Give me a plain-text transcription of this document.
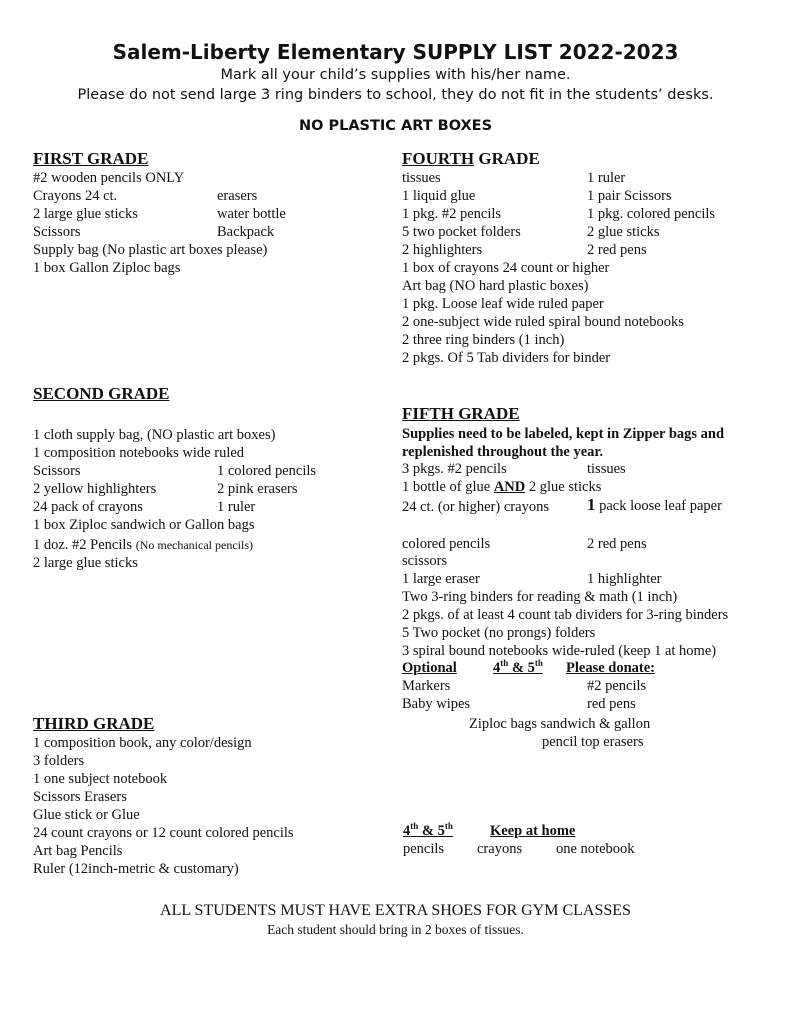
Salem-Liberty Elementary SUPPLY LIST 2022-2023
Mark all your child’s supplies with his/her name.
Please do not send large 3 ring binders to school, they do not fit in the students’ desks.
NO PLASTIC ART BOXES
FIRST GRADE
#2 wooden pencils ONLY
Crayons 24 ct.	erasers
2 large glue sticks	water bottle
Scissors	Backpack
Supply bag (No plastic art boxes please)
1 box Gallon Ziploc bags
SECOND GRADE
1 cloth supply bag, (NO plastic art boxes)
1 composition notebooks wide ruled
Scissors	1 colored pencils
2 yellow highlighters	2 pink erasers
24 pack of crayons	1 ruler
1 box Ziploc sandwich or Gallon bags
1 doz. #2 Pencils (No mechanical pencils)
2 large glue sticks
THIRD GRADE
1 composition book, any color/design
3 folders
1 one subject notebook
Scissors Erasers
Glue stick or Glue
24 count crayons or 12 count colored pencils
Art bag Pencils
Ruler (12inch-metric & customary)
FOURTH GRADE
tissues	1 ruler
1 liquid glue	1 pair Scissors
1 pkg. #2 pencils	1 pkg. colored pencils
5 two pocket folders	2 glue sticks
2 highlighters	2 red pens
1 box of crayons 24 count or higher
Art bag (NO hard plastic boxes)
1 pkg. Loose leaf wide ruled paper
2 one-subject wide ruled spiral bound notebooks
2 three ring binders (1 inch)
2 pkgs. Of 5 Tab dividers for binder
FIFTH GRADE
Supplies need to be labeled, kept in Zipper bags and
replenished throughout the year.
3 pkgs. #2 pencils	tissues
1 bottle of glue AND 2 glue sticks
24 ct. (or higher) crayons 1 pack loose leaf paper
colored pencils	2 red pens
scissors
1 large eraser	1 highlighter
Two 3-ring binders for reading & math (1 inch)
2 pkgs. of at least 4 count tab dividers for 3-ring binders
5 Two pocket (no prongs) folders
3 spiral bound notebooks wide-ruled (keep 1 at home)
Optional 4th & 5th Please donate:
Markers	#2 pencils
Baby wipes	red pens
Ziploc bags sandwich & gallon
pencil top erasers
4th & 5th	Keep at home
pencils crayons one notebook
ALL STUDENTS MUST HAVE EXTRA SHOES FOR GYM CLASSES
Each student should bring in 2 boxes of tissues.
